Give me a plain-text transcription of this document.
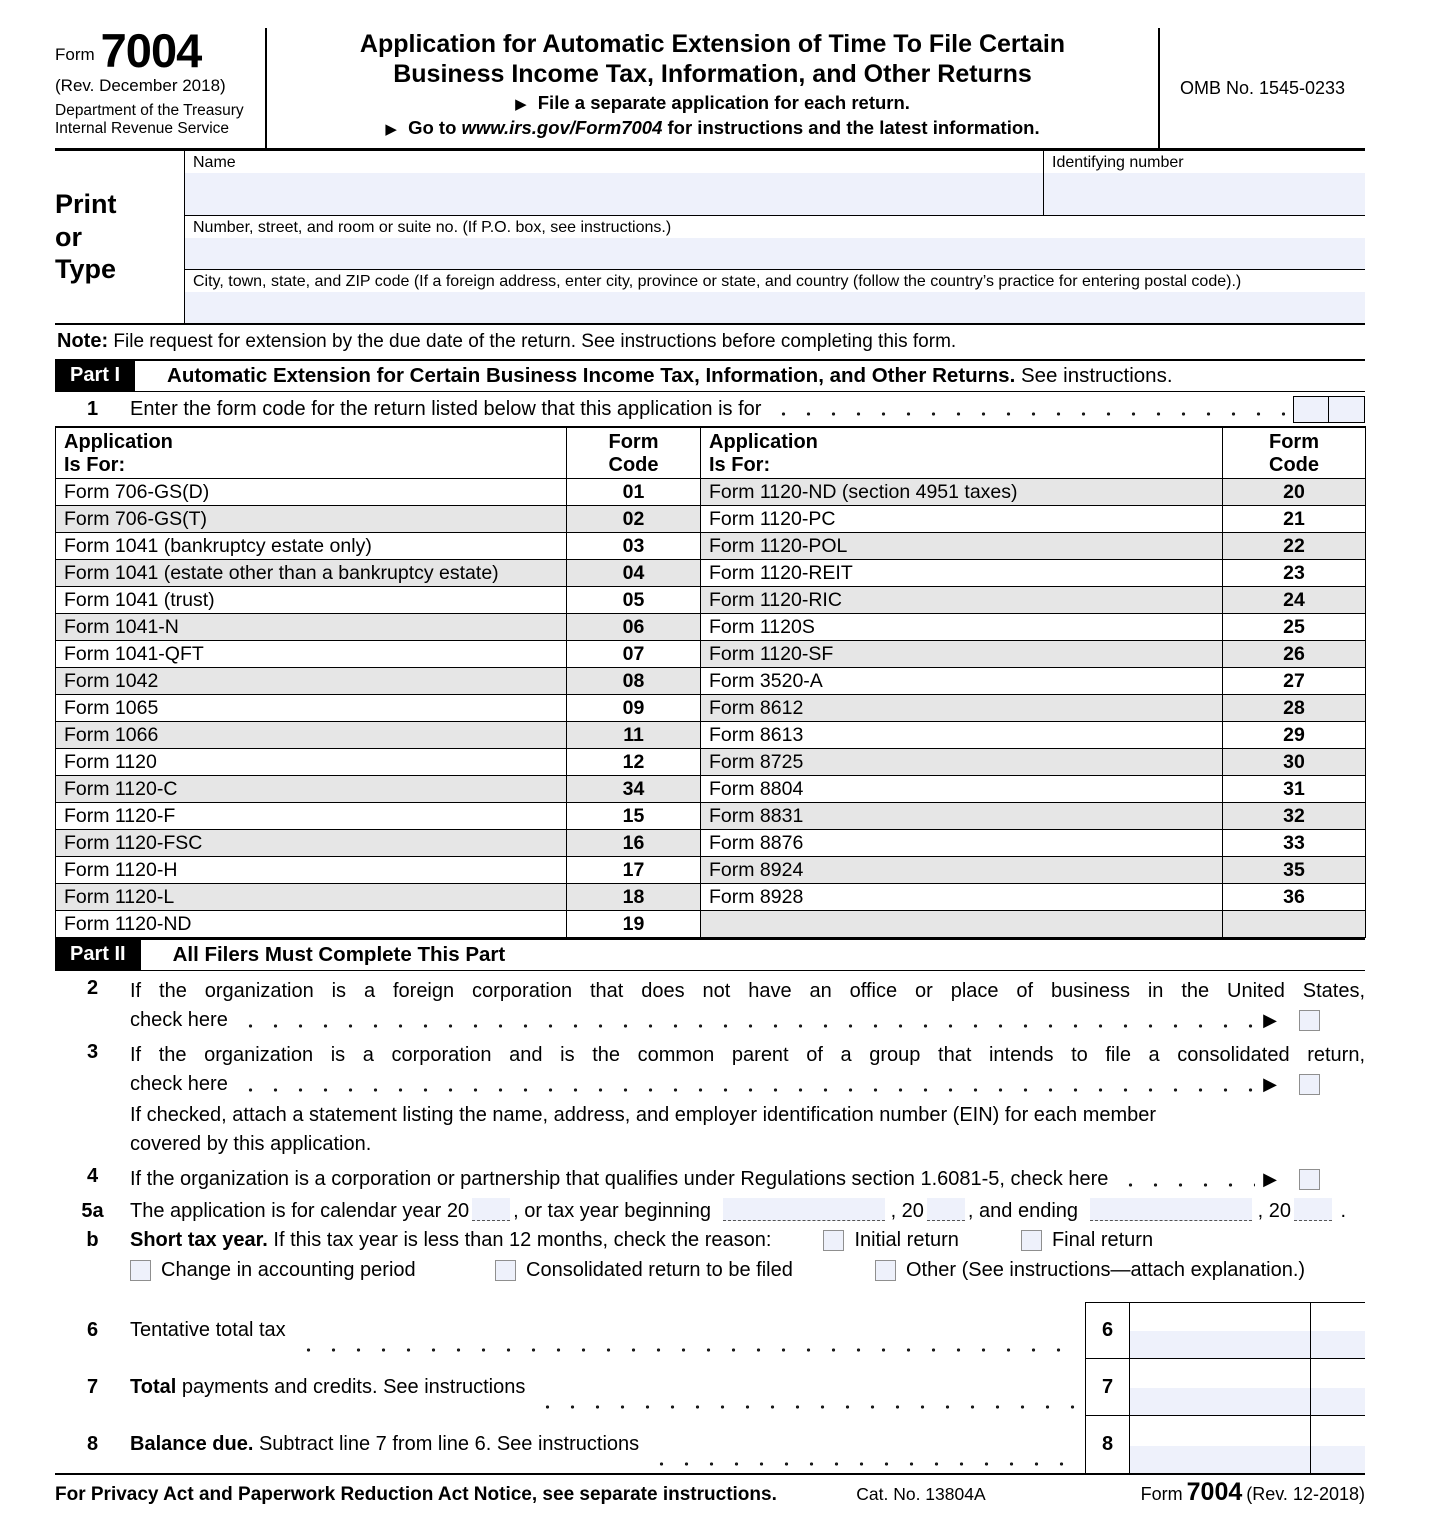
Form 7004
(Rev. December 2018)
Department of the Treasury
Internal Revenue Service
Application for Automatic Extension of Time To File Certain
Business Income Tax, Information, and Other Returns
▶ File a separate application for each return.
▶ Go to www.irs.gov/Form7004 for instructions and the latest information.
OMB No. 1545-0233
Print
or
Type
Name	Identifying number
Number, street, and room or suite no. (If P.O. box, see instructions.)
City, town, state, and ZIP code (If a foreign address, enter city, province or state, and country (follow the country’s practice for entering postal code).)
Note: File request for extension by the due date of the return. See instructions before completing this form.
Part I	Automatic Extension for Certain Business Income Tax, Information, and Other Returns. See instructions.
1	Enter the form code for the return listed below that this application is for
Application
Is For:

Form
Code

Application
Is For:

Form
Code

Form 706-GS(D)	01	Form 1120-ND (section 4951 taxes)	20
Form 706-GS(T)	02	Form 1120-PC	21
Form 1041 (bankruptcy estate only)	03	Form 1120-POL	22
Form 1041 (estate other than a bankruptcy estate)	04	Form 1120-REIT	23
Form 1041 (trust)	05	Form 1120-RIC	24
Form 1041-N	06	Form 1120S	25
Form 1041-QFT	07	Form 1120-SF	26
Form 1042	08	Form 3520-A	27
Form 1065	09	Form 8612	28
Form 1066	11	Form 8613	29
Form 1120	12	Form 8725	30
Form 1120-C	34	Form 8804	31
Form 1120-F	15	Form 8831	32
Form 1120-FSC	16	Form 8876	33
Form 1120-H	17	Form 8924	35
Form 1120-L	18	Form 8928	36
Form 1120-ND	19		
Part II	All Filers Must Complete This Part
2	If the organization is a foreign corporation that does not have an office or place of business in the United States,
check here	▶
3	If the organization is a corporation and is the common parent of a group that intends to file a consolidated return,
check here	▶
If checked, attach a statement listing the name, address, and employer identification number (EIN) for each member
covered by this application.
4	If the organization is a corporation or partnership that qualifies under Regulations section 1.6081-5, check here	▶
5a	The application is for calendar year 20 , or tax year beginning	, 20 , and ending	, 20 .
b	Short tax year. If this tax year is less than 12 months, check the reason:	Initial return	Final return
Change in accounting period	Consolidated return to be filed	Other (See instructions—attach explanation.)
6	Tentative total tax	6
7	Total payments and credits. See instructions	7
8	Balance due. Subtract line 7 from line 6. See instructions	8
For Privacy Act and Paperwork Reduction Act Notice, see separate instructions.	Cat. No. 13804A	Form 7004 (Rev. 12-2018)
